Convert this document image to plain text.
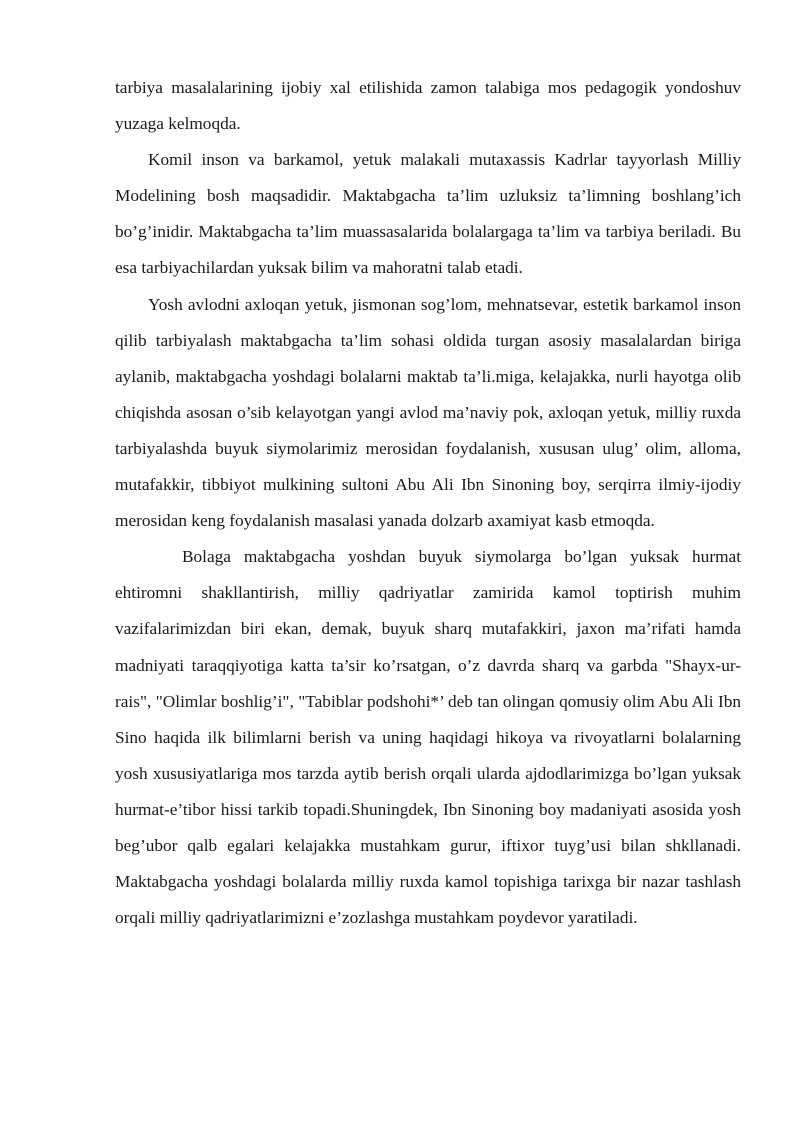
tarbiya masalalarining ijobiy xal etilishida zamon talabiga mos pedagogik yondoshuv yuzaga kelmoqda.

Komil inson va barkamol, yetuk malakali mutaxassis Kadrlar tayyorlash Milliy Modelining bosh maqsadidir. Maktabgacha ta’lim uzluksiz ta’limning boshlang’ich bo’g’inidir. Maktabgacha ta’lim muassasalarida bolalargaga ta’lim va tarbiya beriladi. Bu esa tarbiyachilardan yuksak bilim va mahoratni talab etadi.

Yosh avlodni axloqan yetuk, jismonan sog’lom, mehnatsevar, estetik barkamol inson qilib tarbiyalash maktabgacha ta’lim sohasi oldida turgan asosiy masalalardan biriga aylanib, maktabgacha yoshdagi bolalarni maktab ta’li.miga, kelajakka, nurli hayotga olib chiqishda asosan o’sib kelayotgan yangi avlod ma’naviy pok, axloqan yetuk, milliy ruxda tarbiyalashda buyuk siymolarimiz merosidan foydalanish, xususan ulug’ olim, alloma, mutafakkir, tibbiyot mulkining sultoni Abu Ali Ibn Sinoning boy, serqirra ilmiy-ijodiy merosidan keng foydalanish masalasi yanada dolzarb axamiyat kasb etmoqda.

Bolaga maktabgacha yoshdan buyuk siymolarga bo’lgan yuksak hurmat ehtiromni shakllantirish, milliy qadriyatlar zamirida kamol toptirish muhim vazifalarimizdan biri ekan, demak, buyuk sharq mutafakkiri, jaxon ma’rifati hamda madniyati taraqqiyotiga katta ta’sir ko’rsatgan, o’z davrda sharq va garbda "Shayx-ur-rais", "Olimlar boshlig’i", "Tabiblar podshohi*’ deb tan olingan qomusiy olim Abu Ali Ibn Sino haqida ilk bilimlarni berish va uning haqidagi hikoya va rivoyatlarni bolalarning yosh xususiyatlariga mos tarzda aytib berish orqali ularda ajdodlarimizga bo’lgan yuksak hurmat-e’tibor hissi tarkib topadi.Shuningdek, Ibn Sinoning boy madaniyati asosida yosh beg’ubor qalb egalari kelajakka mustahkam gurur, iftixor tuyg’usi bilan shkllanadi. Maktabgacha yoshdagi bolalarda milliy ruxda kamol topishiga tarixga bir nazar tashlash orqali milliy qadriyatlarimizni e’zozlashga mustahkam poydevor yaratiladi.
